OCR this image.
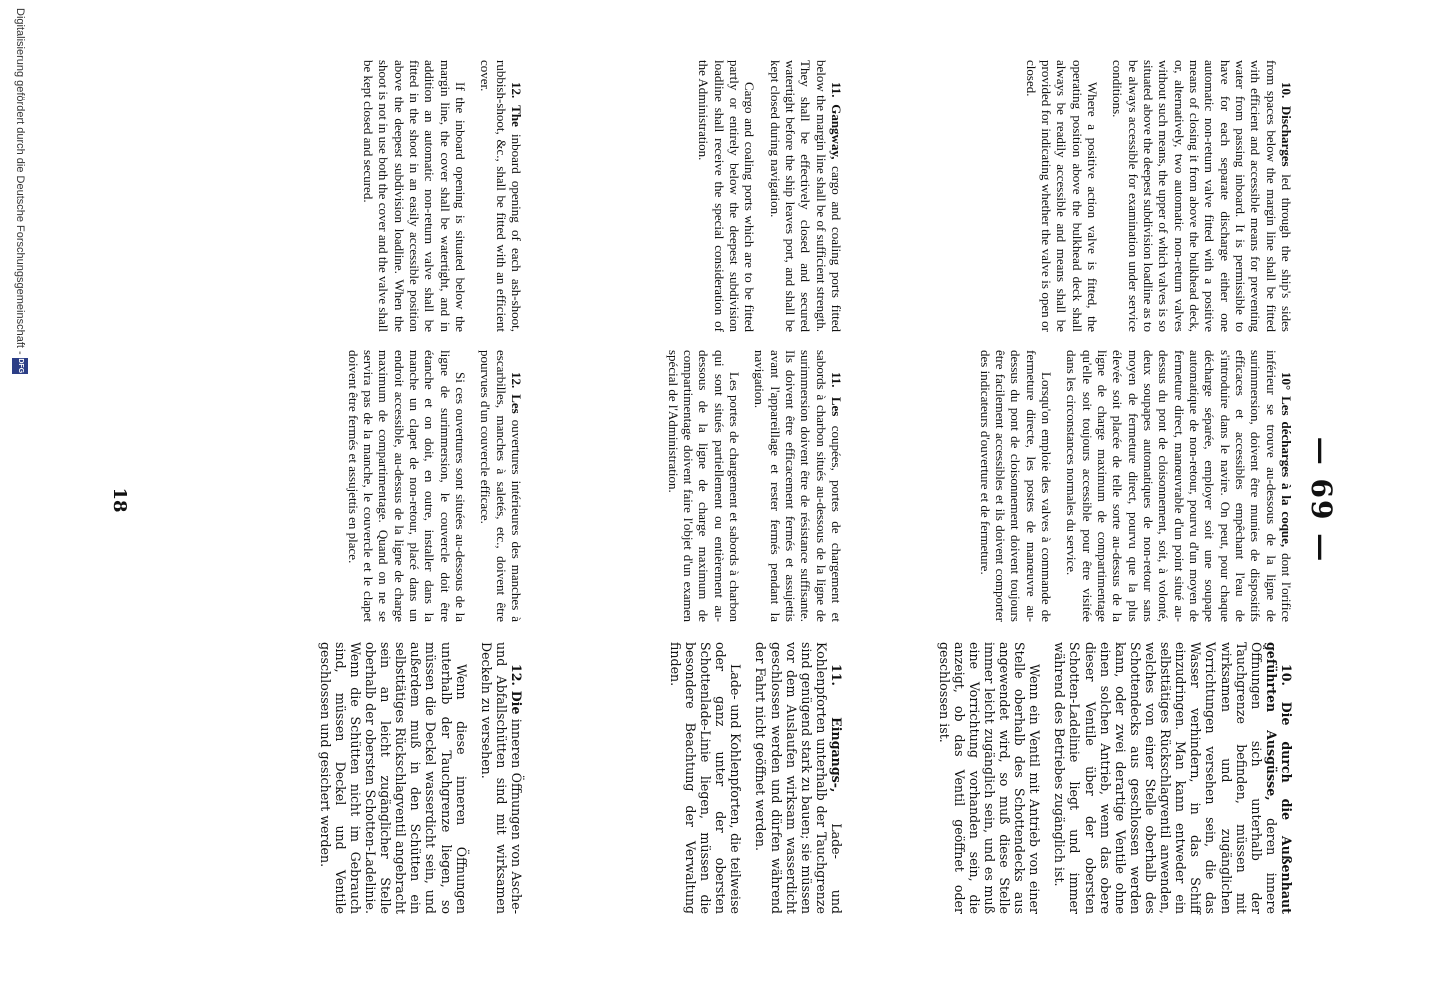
— 69 —

10. Discharges led through the ship's sides from spaces below the margin line shall be fitted with efficient and accessible means for preventing water from passing inboard. It is permissible to have for each separate discharge either one automatic non-return valve fitted with a positive means of closing it from above the bulkhead deck, or, alternatively, two automatic non-return valves without such means, the upper of which valves is so situated above the deepest subdivision loadline as to be always accessible for examination under service conditions.

Where a positive action valve is fitted, the operating position above the bulkhead deck shall always be readily accessible and means shall be provided for indicating whether the valve is open or closed.

11. Gangway, cargo and coaling ports fitted below the margin line shall be of sufficient strength. They shall be effectively closed and secured watertight before the ship leaves port, and shall be kept closed during navigation.

Cargo and coaling ports which are to be fitted partly or entirely below the deepest subdivision loadline shall receive the special consideration of the Administration.

12. The inboard opening of each ash-shoot, rubbish-shoot, &c., shall be fitted with an efficient cover.

If the inboard opening is situated below the margin line, the cover shall be watertight, and in addition an automatic non-return valve shall be fitted in the shoot in an easily accessible position above the deepest subdivision loadline. When the shoot is not in use both the cover and the valve shall be kept closed and secured.

10° Les décharges à la coque, dont l'orifice inférieur se trouve au-dessous de la ligne de surimmersion, doivent être munies de dispositifs efficaces et accessibles empêchant l'eau de s'introduire dans le navire. On peut, pour chaque décharge séparée, employer soit une soupape automatique de non-retour, pourvu d'un moyen de fermeture direct, manœuvrable d'un point situé au-dessus du pont de cloisonnement, soit, à volonté, deux soupapes automatiques de non-retour sans moyen de fermeture direct, pourvu que la plus élevée soit placée de telle sorte au-dessus de la ligne de charge maximum de compartimentage qu'elle soit toujours accessible pour être visitée dans les circonstances normales du service.

Lorsqu'on emploie des valves à commande de fermeture directe, les postes de manœuvre au-dessus du pont de cloisonnement doivent toujours être facilement accessibles et ils doivent comporter des indicateurs d'ouverture et de fermeture.

11. Les coupées, portes de chargement et sabords à charbon situés au-dessous de la ligne de surimmersion doivent être de résistance suffisante. Ils doivent être efficacement fermés et assujettis avant l'appareillage et rester fermés pendant la navigation.

Les portes de chargement et sabords à charbon qui sont situés partiellement ou entièrement au-dessous de la ligne de charge maximum de compartimentage doivent faire l'objet d'un examen spécial de l'Administration.

12. Les ouvertures intérieures des manches à escarbilles, manches à saletés, etc., doivent être pourvues d'un couvercle efficace.

Si ces ouvertures sont situées au-dessous de la ligne de surimmersion, le couvercle doit être étanche et on doit, en outre, installer dans la manche un clapet de non-retour, placé dans un endroit accessible, au-dessus de la ligne de charge maximum de compartimentage. Quand on ne se servira pas de la manche, le couvercle et le clapet doivent être fermés et assujettis en place.

10. Die durch die Außenhaut geführten Ausgüsse, deren innere Öffnungen sich unterhalb der Tauchgrenze befinden, müssen mit wirksamen und zugänglichen Vorrichtungen versehen sein, die das Wasser verhindern, in das Schiff einzudringen. Man kann entweder ein selbsttätiges Rückschlagventil anwenden, welches von einer Stelle oberhalb des Schottendecks aus geschlossen werden kann, oder zwei derartige Ventile ohne einen solchen Antrieb, wenn das obere dieser Ventile über der obersten Schotten-Ladelinie liegt und immer während des Betriebes zugänglich ist.

Wenn ein Ventil mit Antrieb von einer Stelle oberhalb des Schottendecks aus angewendet wird, so muß diese Stelle immer leicht zugänglich sein, und es muß eine Vorrichtung vorhanden sein, die anzeigt, ob das Ventil geöffnet oder geschlossen ist.

11. Eingangs-, Lade- und Kohlenpforten unterhalb der Tauchgrenze sind genügend stark zu bauen; sie müssen vor dem Auslaufen wirksam wasserdicht geschlossen werden und dürfen während der Fahrt nicht geöffnet werden.

Lade- und Kohlenpforten, die teilweise oder ganz unter der obersten Schottenlade-Linie liegen, müssen die besondere Beachtung der Verwaltung finden.

12. Die inneren Öffnungen von Asche- und Abfallschütten sind mit wirksamen Deckeln zu versehen.

Wenn diese inneren Öffnungen unterhalb der Tauchgrenze liegen, so müssen die Deckel wasserdicht sein, und außerdem muß in den Schütten ein selbsttätiges Rückschlagventil angebracht sein an leicht zugänglicher Stelle oberhalb der obersten Schotten-Ladelinie. Wenn die Schütten nicht im Gebrauch sind, müssen Deckel und Ventile geschlossen und gesichert werden.

18
Digitalisierung gefördert durch die Deutsche Forschungsgemeinschaft - DFG
